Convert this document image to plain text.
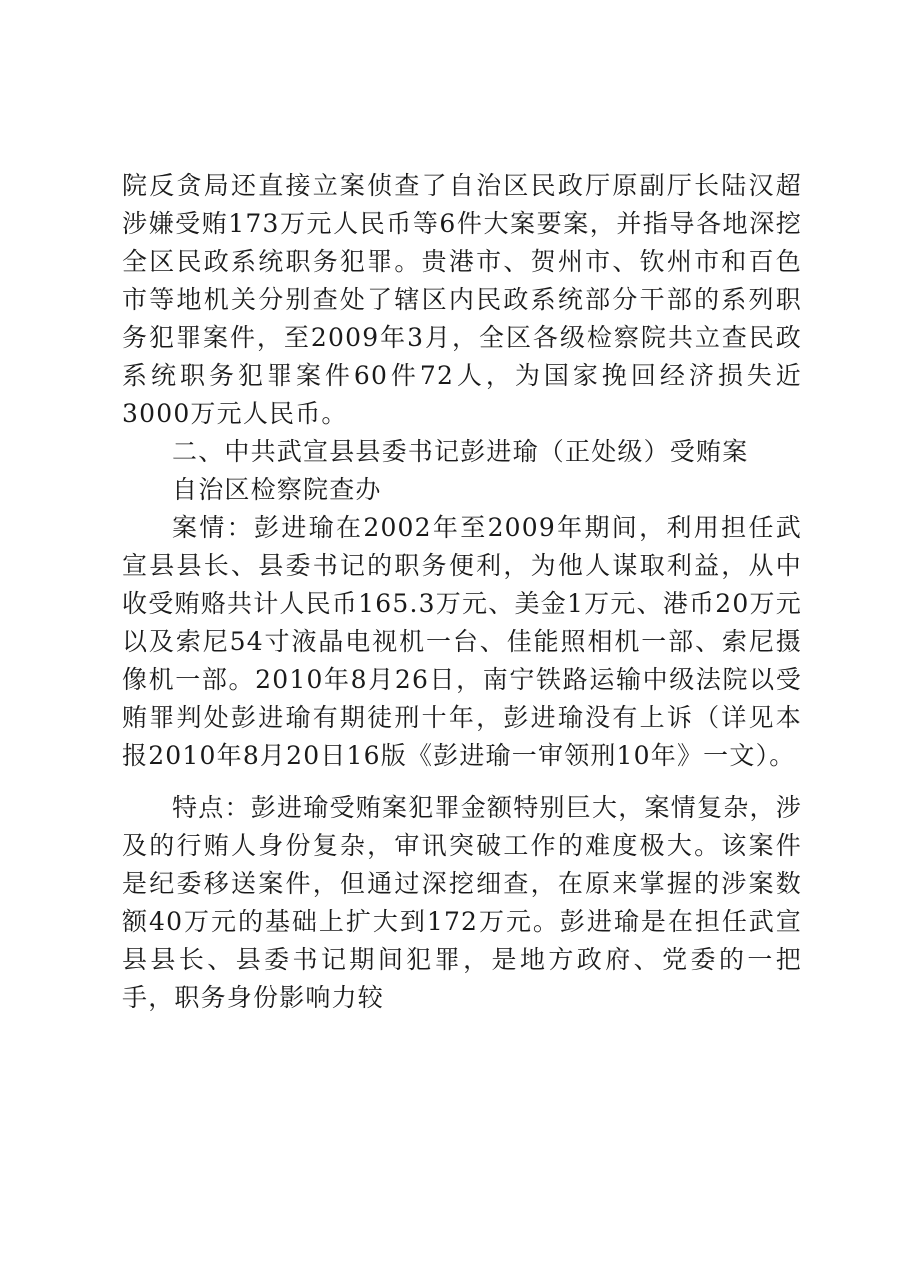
院反贪局还直接立案侦查了自治区民政厅原副厅长陆汉超涉嫌受贿173万元人民币等6件大案要案，并指导各地深挖全区民政系统职务犯罪。贵港市、贺州市、钦州市和百色市等地机关分别查处了辖区内民政系统部分干部的系列职务犯罪案件，至2009年3月，全区各级检察院共立查民政系统职务犯罪案件60件72人，为国家挽回经济损失近3000万元人民币。

二、中共武宣县县委书记彭进瑜（正处级）受贿案

自治区检察院查办

案情：彭进瑜在2002年至2009年期间，利用担任武宣县县长、县委书记的职务便利，为他人谋取利益，从中收受贿赂共计人民币165.3万元、美金1万元、港币20万元以及索尼54寸液晶电视机一台、佳能照相机一部、索尼摄像机一部。2010年8月26日，南宁铁路运输中级法院以受贿罪判处彭进瑜有期徒刑十年，彭进瑜没有上诉（详见本报2010年8月20日16版《彭进瑜一审领刑10年》一文）。

特点：彭进瑜受贿案犯罪金额特别巨大，案情复杂，涉及的行贿人身份复杂，审讯突破工作的难度极大。该案件是纪委移送案件，但通过深挖细查，在原来掌握的涉案数额40万元的基础上扩大到172万元。彭进瑜是在担任武宣县县长、县委书记期间犯罪，是地方政府、党委的一把手，职务身份影响力较
